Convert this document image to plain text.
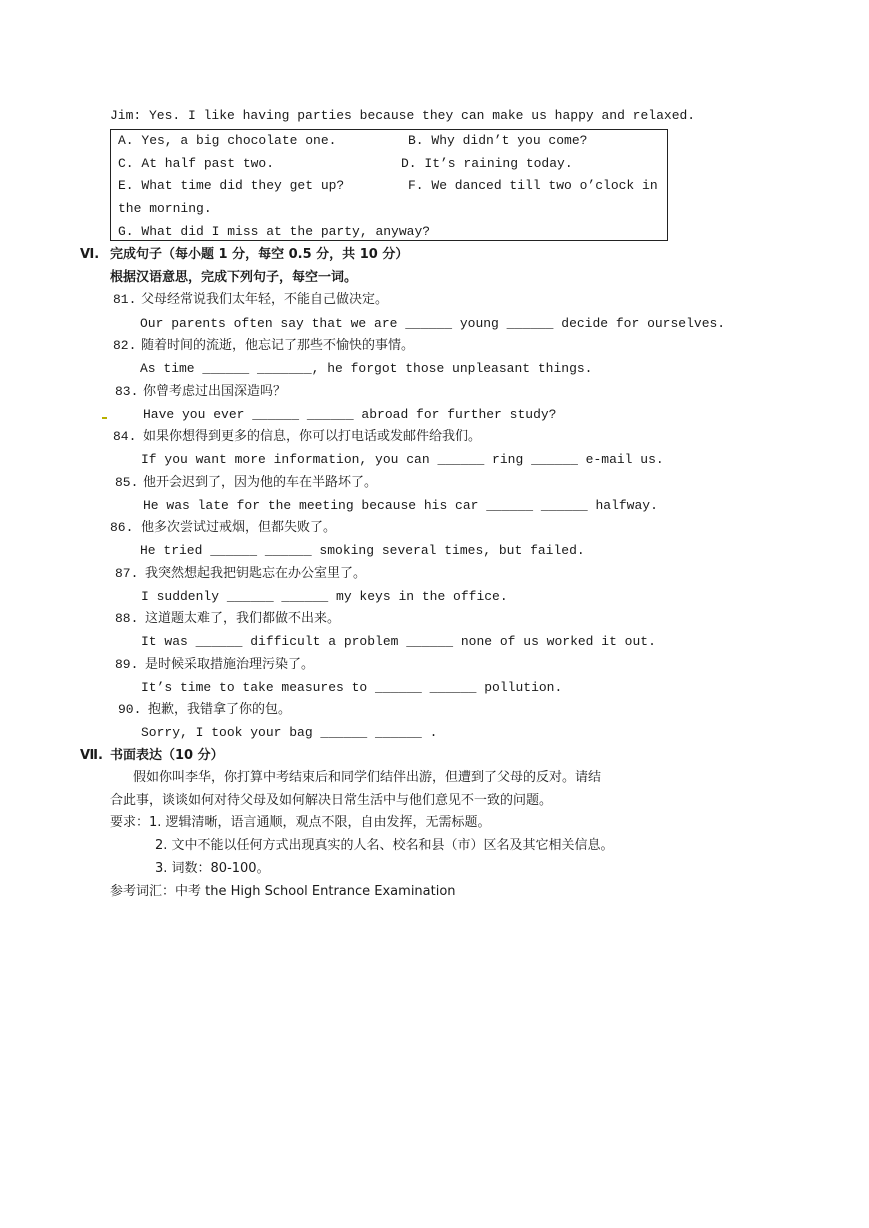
Jim: Yes. I like having parties because they can make us happy and relaxed.
A. Yes, a big chocolate one.	B. Why didn’t you come?
C. At half past two.	D. It’s raining today.
E. What time did they get up?	F. We danced till two o’clock in
the morning.
G. What did I miss at the party, anyway?
Ⅵ. 完成句子（每小题 1 分，每空 0.5 分，共 10 分）
根据汉语意思，完成下列句子，每空一词。
81. 父母经常说我们太年轻，不能自己做决定。
Our parents often say that we are ______ young ______ decide for ourselves.
82. 随着时间的流逝，他忘记了那些不愉快的事情。
As time ______ _______, he forgot those unpleasant things.
83. 你曾考虑过出国深造吗？
Have you ever ______ ______ abroad for further study?
84. 如果你想得到更多的信息，你可以打电话或发邮件给我们。
If you want more information, you can ______ ring ______ e-mail us.
85. 他开会迟到了，因为他的车在半路坏了。
He was late for the meeting because his car ______ ______ halfway.
86. 他多次尝试过戒烟，但都失败了。
He tried ______ ______ smoking several times, but failed.
87. 我突然想起我把钥匙忘在办公室里了。
I suddenly ______ ______ my keys in the office.
88. 这道题太难了，我们都做不出来。
It was ______ difficult a problem ______ none of us worked it out.
89. 是时候采取措施治理污染了。
It’s time to take measures to ______ ______ pollution.
90. 抱歉，我错拿了你的包。
Sorry, I took your bag ______ ______ .
Ⅶ. 书面表达（10 分）
假如你叫李华，你打算中考结束后和同学们结伴出游，但遭到了父母的反对。请结
合此事，谈谈如何对待父母及如何解决日常生活中与他们意见不一致的问题。
要求：1. 逻辑清晰，语言通顺，观点不限，自由发挥，无需标题。
2. 文中不能以任何方式出现真实的人名、校名和县（市）区名及其它相关信息。
3. 词数：80-100。
参考词汇：中考 the High School Entrance Examination
